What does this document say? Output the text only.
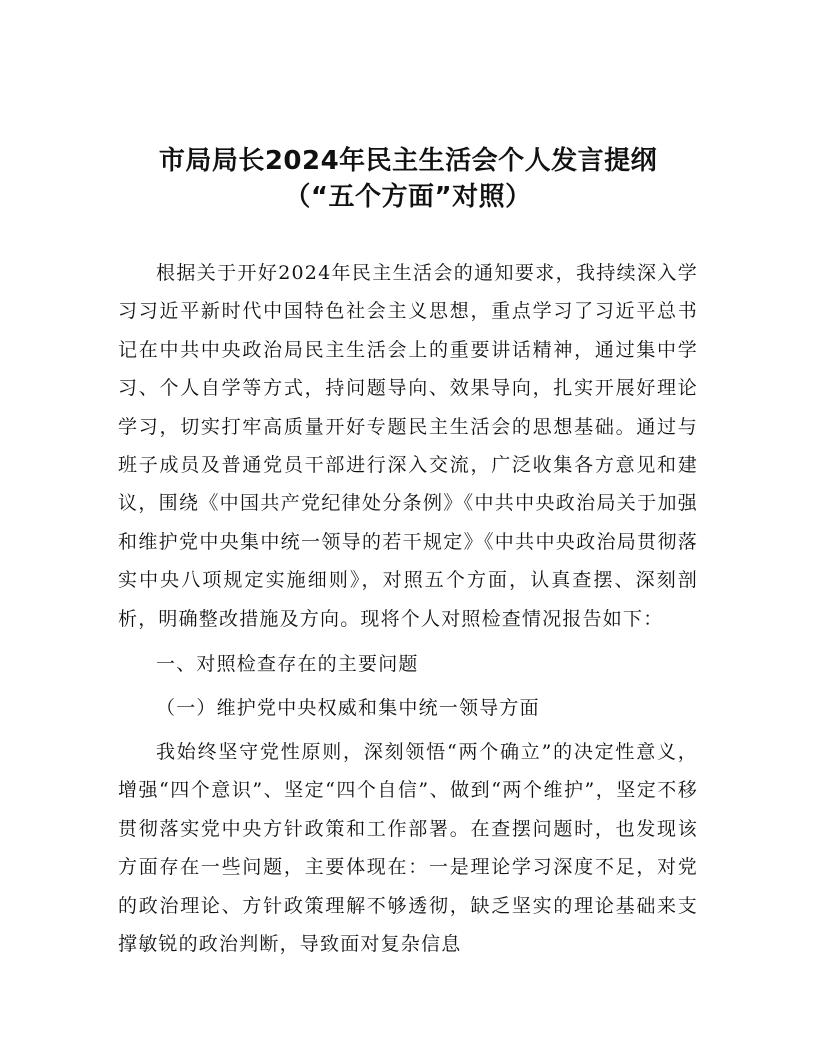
市局局长2024年民主生活会个人发言提纲
（“五个方面”对照）

根据关于开好2024年民主生活会的通知要求，我持续深入学习习近平新时代中国特色社会主义思想，重点学习了习近平总书记在中共中央政治局民主生活会上的重要讲话精神，通过集中学习、个人自学等方式，持问题导向、效果导向，扎实开展好理论学习，切实打牢高质量开好专题民主生活会的思想基础。通过与班子成员及普通党员干部进行深入交流，广泛收集各方意见和建议，围绕《中国共产党纪律处分条例》《中共中央政治局关于加强和维护党中央集中统一领导的若干规定》《中共中央政治局贯彻落实中央八项规定实施细则》，对照五个方面，认真查摆、深刻剖析，明确整改措施及方向。现将个人对照检查情况报告如下：

一、对照检查存在的主要问题

（一）维护党中央权威和集中统一领导方面

我始终坚守党性原则，深刻领悟“两个确立”的决定性意义，增强“四个意识”、坚定“四个自信”、做到“两个维护”，坚定不移贯彻落实党中央方针政策和工作部署。在查摆问题时，也发现该方面存在一些问题，主要体现在：一是理论学习深度不足，对党的政治理论、方针政策理解不够透彻，缺乏坚实的理论基础来支撑敏锐的政治判断，导致面对复杂信息
